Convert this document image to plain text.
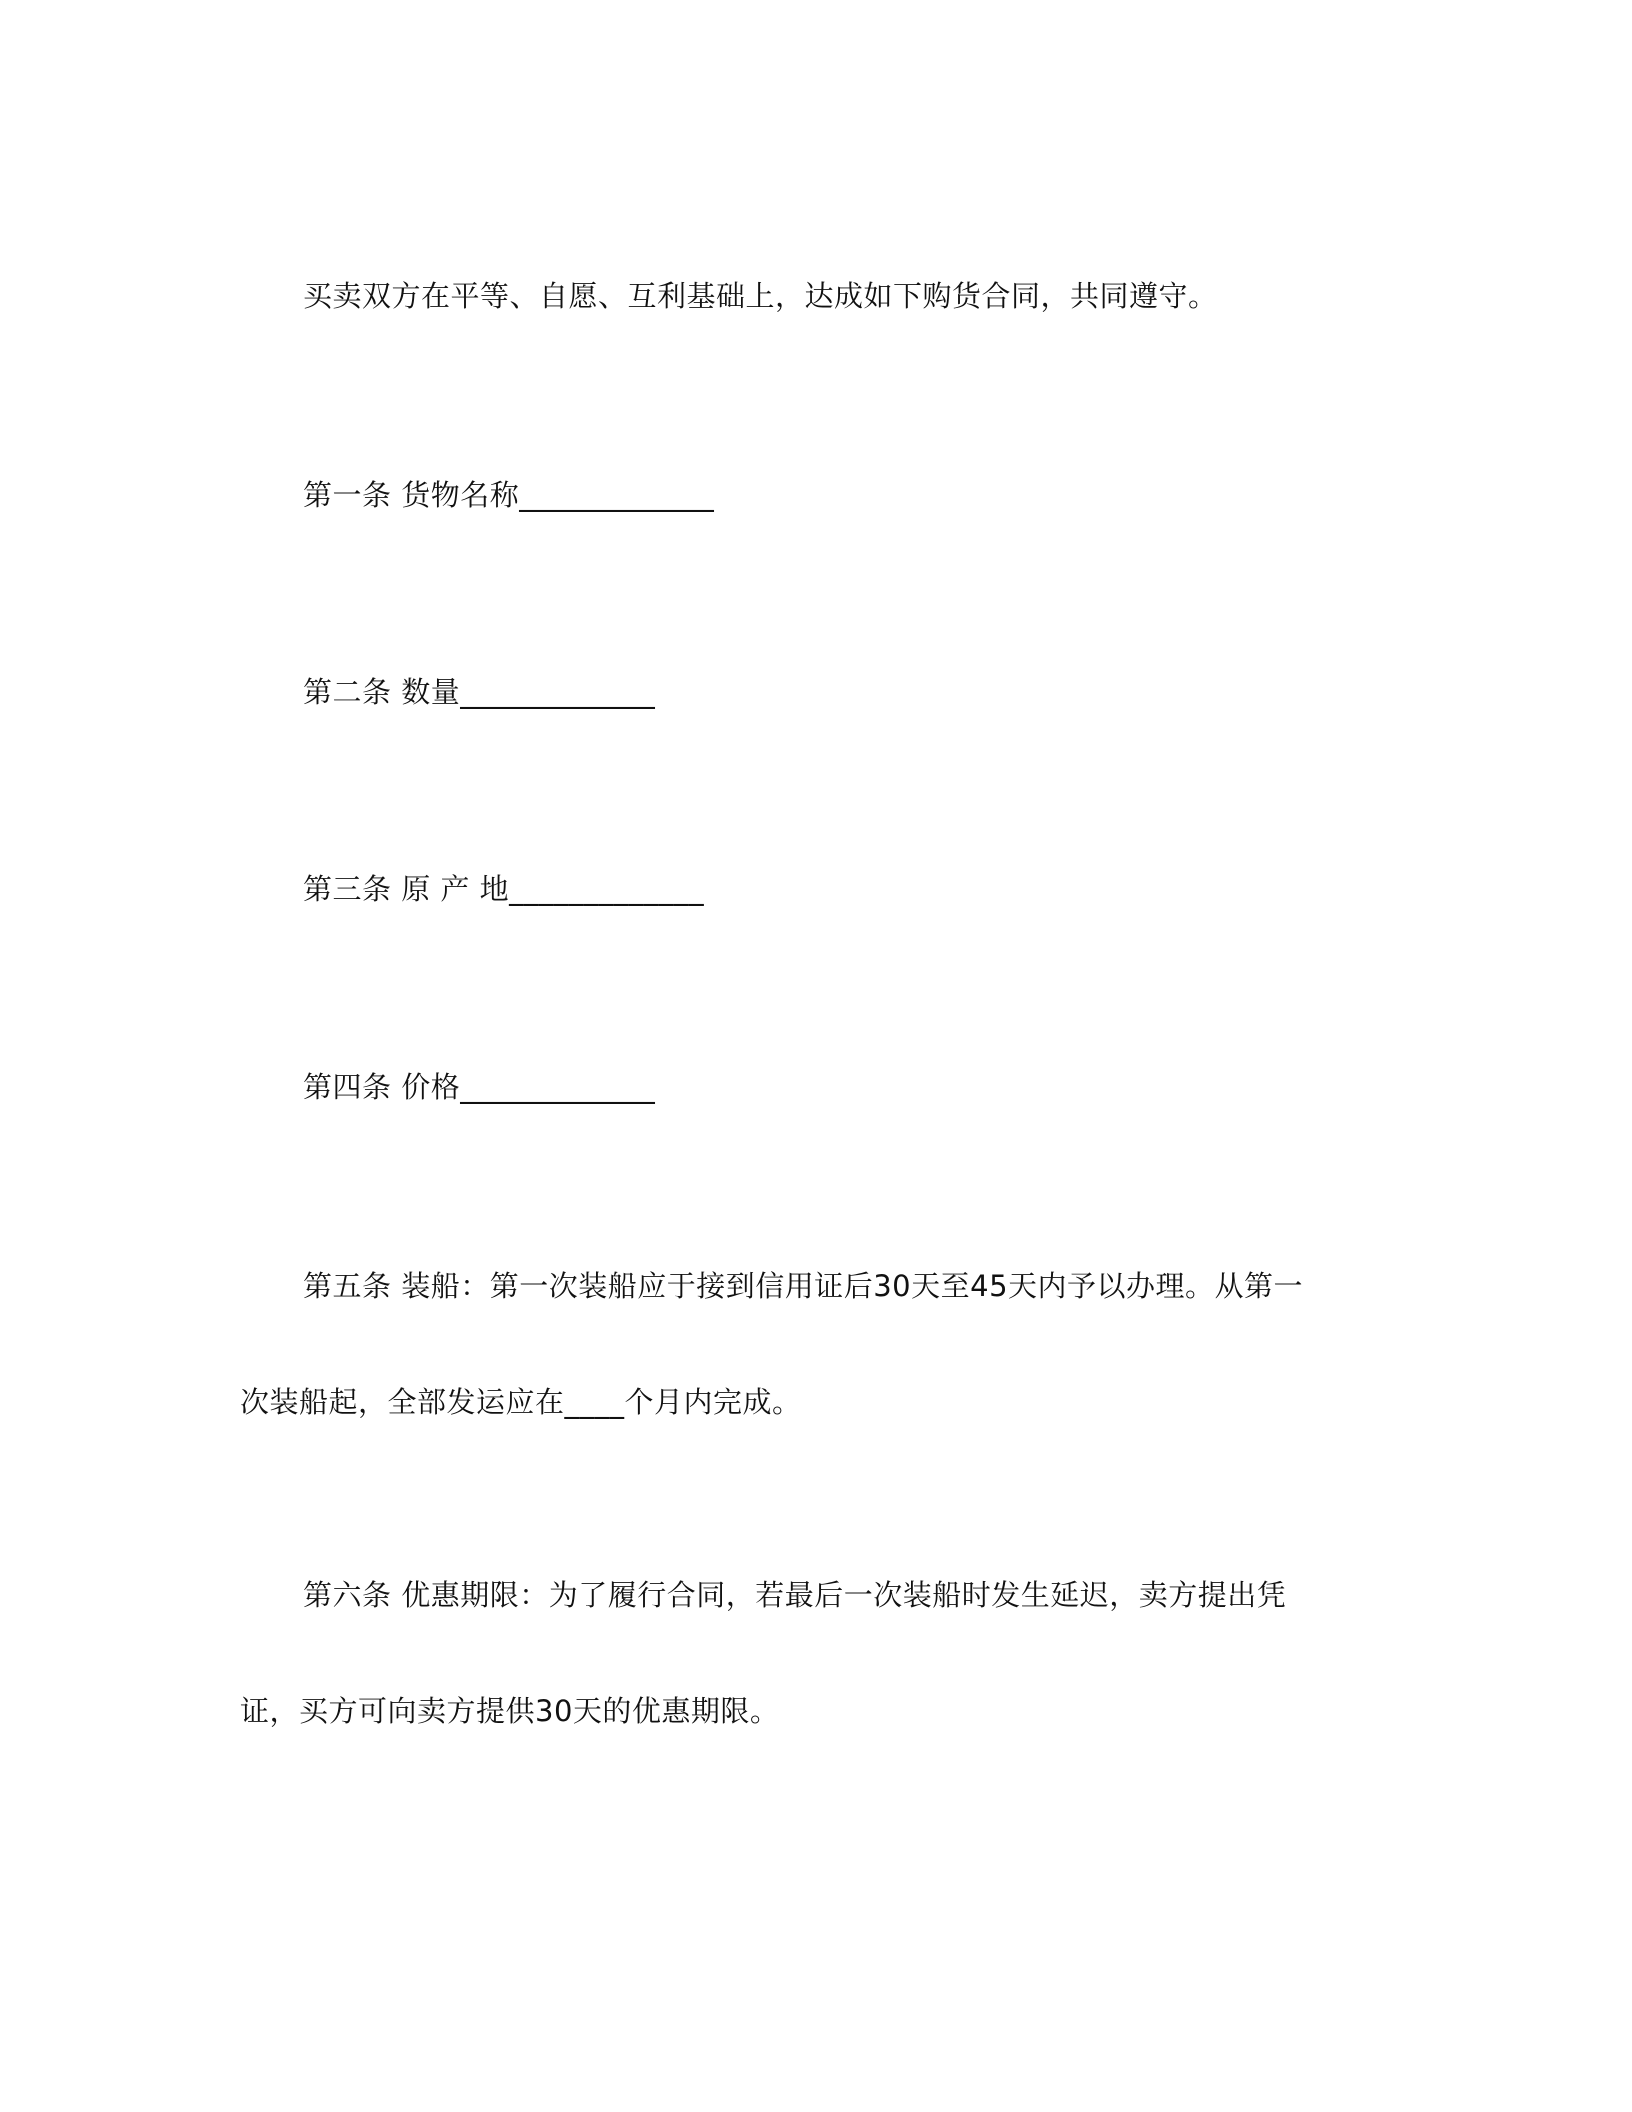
买卖双方在平等、自愿、互利基础上，达成如下购货合同，共同遵守。

第一条 货物名称_____________

第二条 数量_____________

第三条 原 产 地_____________

第四条 价格_____________

第五条 装船：第一次装船应于接到信用证后30天至45天内予以办理。从第一
次装船起，全部发运应在____个月内完成。
第六条 优惠期限：为了履行合同，若最后一次装船时发生延迟，卖方提出凭
证，买方可向卖方提供30天的优惠期限。
